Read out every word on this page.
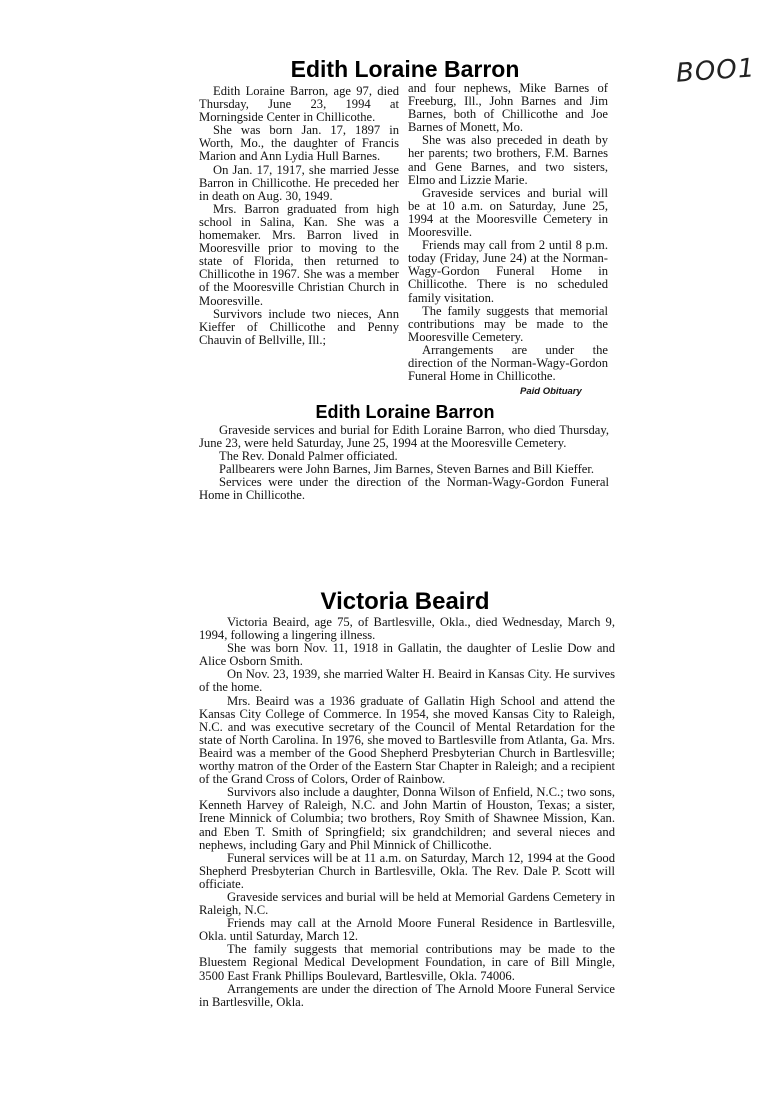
BOO1
Edith Loraine Barron

Edith Loraine Barron, age 97, died Thursday, June 23, 1994 at Morningside Center in Chillicothe.

She was born Jan. 17, 1897 in Worth, Mo., the daughter of Francis Marion and Ann Lydia Hull Barnes.

On Jan. 17, 1917, she married Jesse Barron in Chillicothe. He preceded her in death on Aug. 30, 1949.

Mrs. Barron graduated from high school in Salina, Kan. She was a homemaker. Mrs. Barron lived in Mooresville prior to moving to the state of Florida, then returned to Chillicothe in 1967. She was a member of the Mooresville Christian Church in Mooresville.

Survivors include two nieces, Ann Kieffer of Chillicothe and Penny Chauvin of Bellville, Ill.;

and four nephews, Mike Barnes of Freeburg, Ill., John Barnes and Jim Barnes, both of Chillicothe and Joe Barnes of Monett, Mo.

She was also preceded in death by her parents; two brothers, F.M. Barnes and Gene Barnes, and two sisters, Elmo and Lizzie Marie.

Graveside services and burial will be at 10 a.m. on Saturday, June 25, 1994 at the Mooresville Cemetery in Mooresville.

Friends may call from 2 until 8 p.m. today (Friday, June 24) at the Norman-Wagy-Gordon Funeral Home in Chillicothe. There is no scheduled family visitation.

The family suggests that memorial contributions may be made to the Mooresville Cemetery.

Arrangements are under the direction of the Norman-Wagy-Gordon Funeral Home in Chillicothe.

Paid Obituary
Edith Loraine Barron

Graveside services and burial for Edith Loraine Barron, who died Thursday, June 23, were held Saturday, June 25, 1994 at the Mooresville Cemetery.

The Rev. Donald Palmer officiated.

Pallbearers were John Barnes, Jim Barnes, Steven Barnes and Bill Kieffer.

Services were under the direction of the Norman-Wagy-Gordon Funeral Home in Chillicothe.

Victoria Beaird

Victoria Beaird, age 75, of Bartlesville, Okla., died Wednesday, March 9, 1994, following a lingering illness.

She was born Nov. 11, 1918 in Gallatin, the daughter of Leslie Dow and Alice Osborn Smith.

On Nov. 23, 1939, she married Walter H. Beaird in Kansas City. He survives of the home.

Mrs. Beaird was a 1936 graduate of Gallatin High School and attend the Kansas City College of Commerce. In 1954, she moved Kansas City to Raleigh, N.C. and was executive secretary of the Council of Mental Retardation for the state of North Carolina. In 1976, she moved to Bartlesville from Atlanta, Ga. Mrs. Beaird was a member of the Good Shepherd Presbyterian Church in Bartlesville; worthy matron of the Order of the Eastern Star Chapter in Raleigh; and a recipient of the Grand Cross of Colors, Order of Rainbow.

Survivors also include a daughter, Donna Wilson of Enfield, N.C.; two sons, Kenneth Harvey of Raleigh, N.C. and John Martin of Houston, Texas; a sister, Irene Minnick of Columbia; two brothers, Roy Smith of Shawnee Mission, Kan. and Eben T. Smith of Springfield; six grandchildren; and several nieces and nephews, including Gary and Phil Minnick of Chillicothe.

Funeral services will be at 11 a.m. on Saturday, March 12, 1994 at the Good Shepherd Presbyterian Church in Bartlesville, Okla. The Rev. Dale P. Scott will officiate.

Graveside services and burial will be held at Memorial Gardens Cemetery in Raleigh, N.C.

Friends may call at the Arnold Moore Funeral Residence in Bartlesville, Okla. until Saturday, March 12.

The family suggests that memorial contributions may be made to the Bluestem Regional Medical Development Foundation, in care of Bill Mingle, 3500 East Frank Phillips Boulevard, Bartlesville, Okla. 74006.

Arrangements are under the direction of The Arnold Moore Funeral Service in Bartlesville, Okla.
